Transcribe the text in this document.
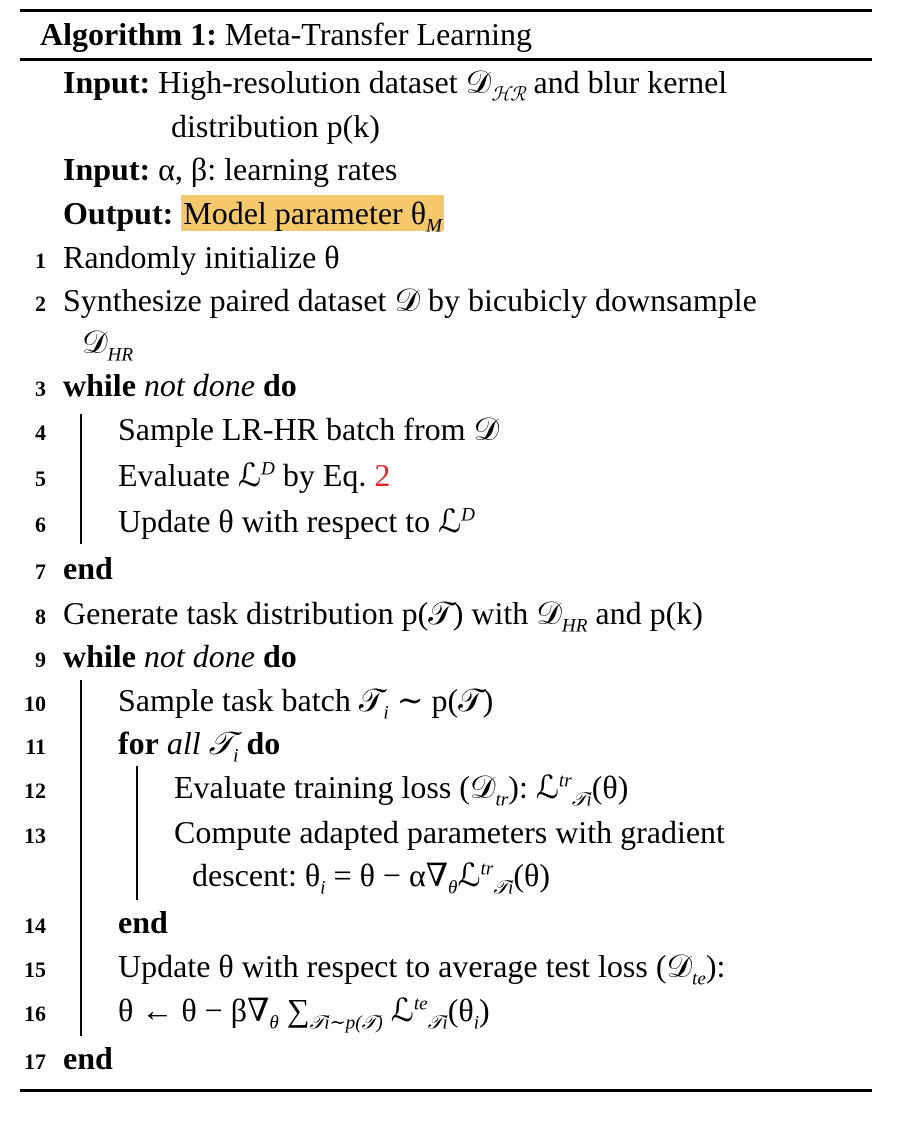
Algorithm 1: Meta-Transfer Learning
Input: High-resolution dataset 𝒟$_{ℋℛ}$ and blur kernel
distribution p(k)
Input: α, β: learning rates
Output: Model parameter $\theta_M$
1 Randomly initialize θ
2 Synthesize paired dataset 𝒟 by bicubicly downsample
𝒟$_{HR}$
3 while not done do
4 Sample LR-HR batch from 𝒟
5 Evaluate ℒ$^D$ by Eq. 2
6 Update θ with respect to ℒ$^D$
7 end
8 Generate task distribution p(𝒯) with 𝒟$_{HR}$ and p(k)
9 while not done do
10 Sample task batch 𝒯$_i$ ∼ p(𝒯)
11 for all 𝒯$_i$ do
12	Evaluate training loss (𝒟$_{tr}$): ℒ$^{tr}_{𝒯i}$(θ)
13	Compute adapted parameters with gradient
descent: $\theta_i = \theta$ − $\alpha\nabla_\theta ℒ^{tr}_{𝒯i}(\theta)$
14 end
15 Update θ with respect to average test loss (𝒟$_{te}$):
16 θ ← $\theta - \beta\nabla_\theta$ $\sum_{𝒯i\sim p(𝒯)}$ $ℒ^{te}_{𝒯i}(\theta_i)$
17 end
